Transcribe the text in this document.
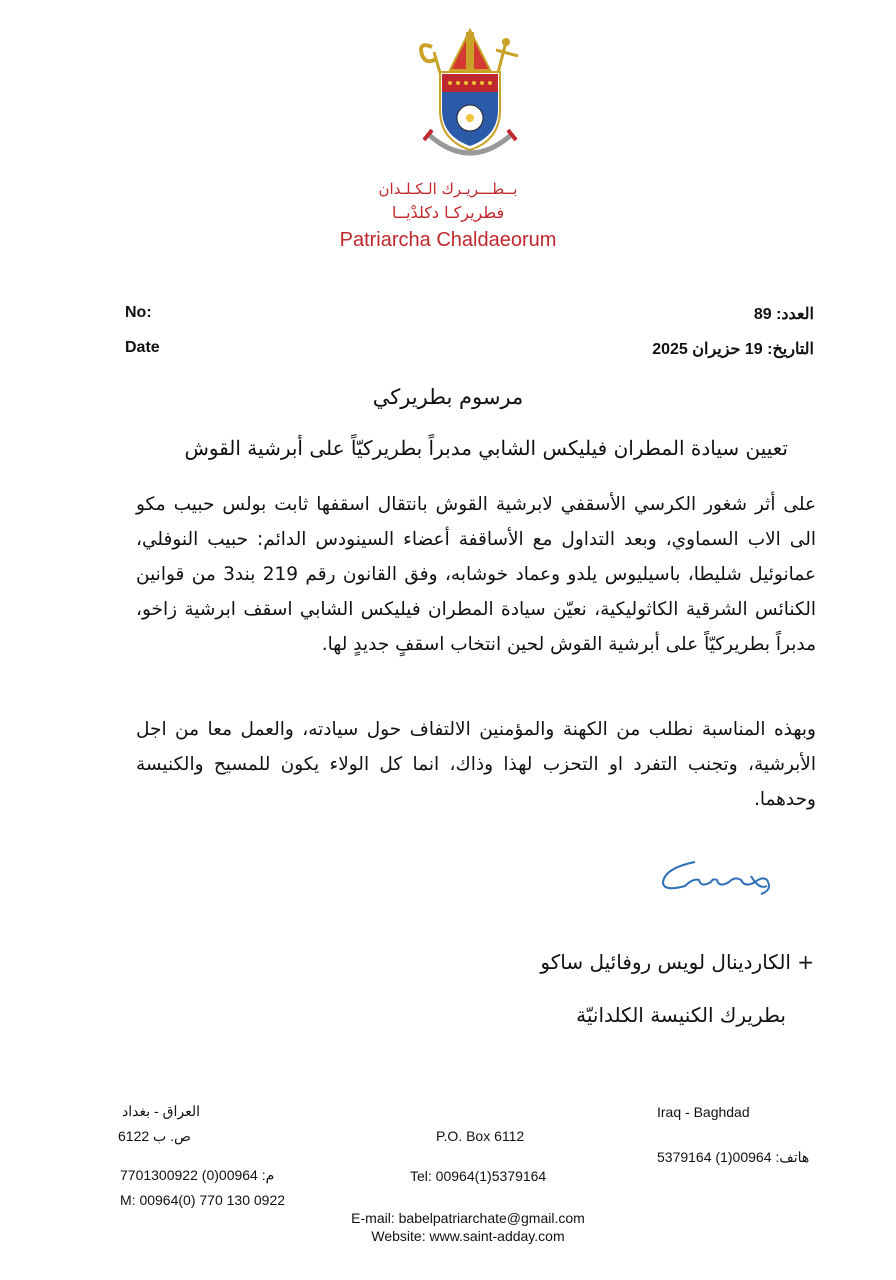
بــطـــريـرك الـكـلـدان
فطريركـا دكلدْيــا
Patriarcha Chaldaeorum
No:
Date
العدد: 89
التاريخ: 19 حزيران 2025
مرسوم بطريركي
تعيين سيادة المطران فيليكس الشابي مدبراً بطريركيّاً على أبرشية القوش
على أثر شغور الكرسي الأسقفي لابرشية القوش بانتقال اسقفها ثابت بولس حبيب مكو الى الاب السماوي، وبعد التداول مع الأساقفة أعضاء السينودس الدائم: حبيب النوفلي، عمانوئيل شليطا، باسيليوس يلدو وعماد خوشابه، وفق القانون رقم 219 بند3 من قوانين الكنائس الشرقية الكاثوليكية، نعيّن سيادة المطران فيليكس الشابي اسقف ابرشية زاخو، مدبراً بطريركيّاً على أبرشية القوش لحين انتخاب اسقفٍ جديدٍ لها.
وبهذه المناسبة نطلب من الكهنة والمؤمنين الالتفاف حول سيادته، والعمل معا من اجل الأبرشية، وتجنب التفرد او التحزب لهذا وذاك، انما كل الولاء يكون للمسيح والكنيسة وحدهما.
+
الكاردينال لويس روفائيل ساكو
بطريرك الكنيسة الكلدانيّة
العراق - بغداد
ص. ب 6122
م: 00964(0) 7701300922
M: 00964(0) 770 130 0922
P.O. Box 6112
Tel: 00964(1)5379164
E-mail: babelpatriarchate@gmail.com
Website: www.saint-adday.com
Iraq - Baghdad
هاتف: 00964(1) 5379164
